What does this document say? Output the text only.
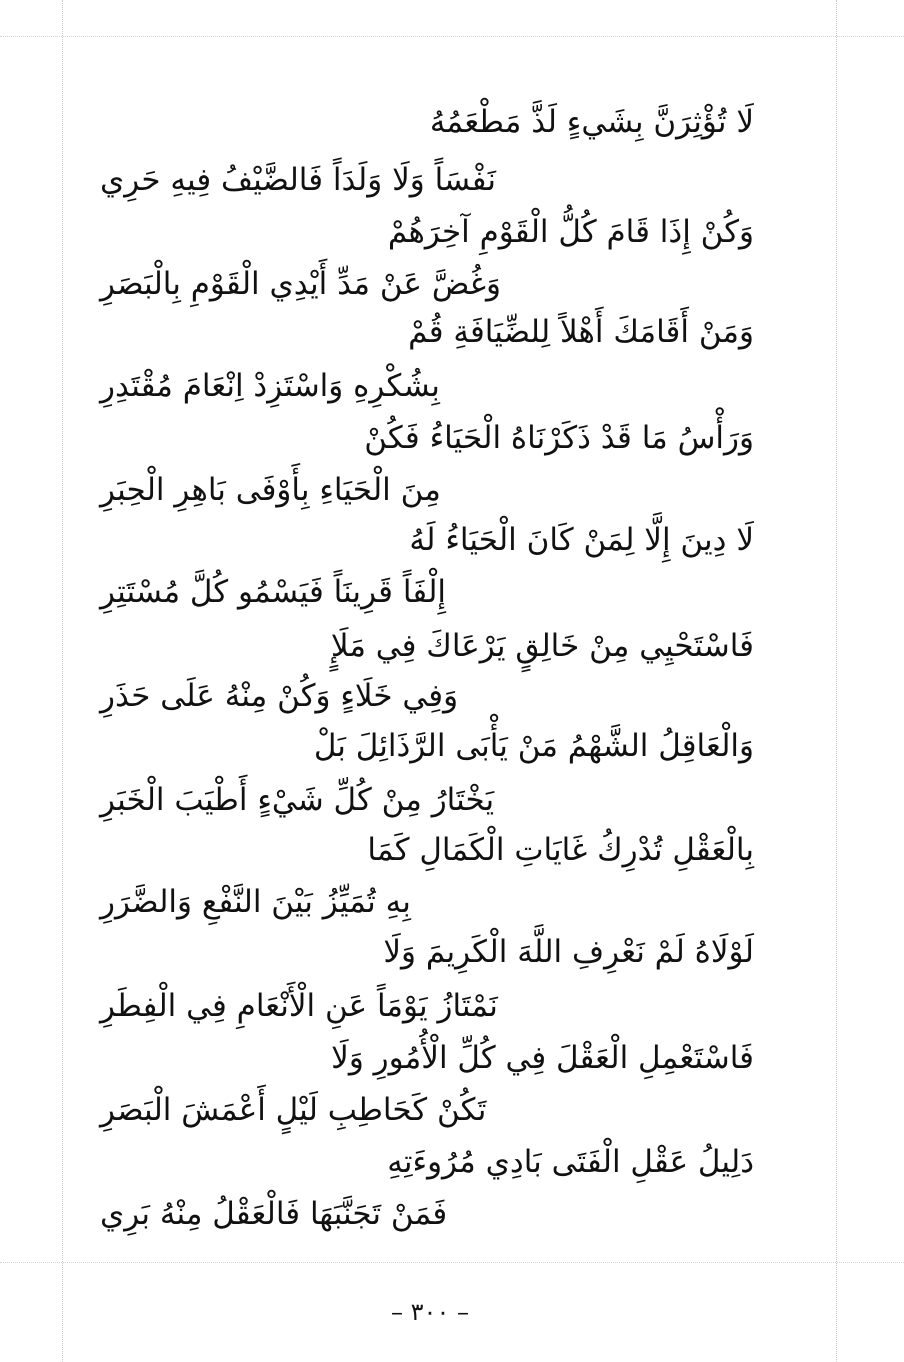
لَا تُؤْثِرَنَّ بِشَيءٍ لَذَّ مَطْعَمُهُ
نَفْسَاً وَلَا وَلَدَاً فَالضَّيْفُ فِيهِ حَرِي
وَكُنْ إِذَا قَامَ كُلُّ الْقَوْمِ آخِرَهُمْ
وَغُضَّ عَنْ مَدِّ أَيْدِي الْقَوْمِ بِالْبَصَرِ
وَمَنْ أَقَامَكَ أَهْلاً لِلضِّيَافَةِ قُمْ
بِشُكْرِهِ وَاسْتَزِدْ اِنْعَامَ مُقْتَدِرِ
وَرَأْسُ مَا قَدْ ذَكَرْنَاهُ الْحَيَاءُ فَكُنْ
مِنَ الْحَيَاءِ بِأَوْفَى بَاهِرِ الْحِبَرِ
لَا دِينَ إِلَّا لِمَنْ كَانَ الْحَيَاءُ لَهُ
إِلْفَاً قَرِينَاً فَيَسْمُو كُلَّ مُسْتَتِرِ
فَاسْتَحْيِي مِنْ خَالِقٍ يَرْعَاكَ فِي مَلَإٍ
وَفِي خَلَاءٍ وَكُنْ مِنْهُ عَلَى حَذَرِ
وَالْعَاقِلُ الشَّهْمُ مَنْ يَأْبَى الرَّذَائِلَ بَلْ
يَخْتَارُ مِنْ كُلِّ شَيْءٍ أَطْيَبَ الْخَبَرِ
بِالْعَقْلِ تُدْرِكُ غَايَاتِ الْكَمَالِ كَمَا
بِهِ تُمَيِّزُ بَيْنَ النَّفْعِ وَالضَّرَرِ
لَوْلَاهُ لَمْ نَعْرِفِ اللَّهَ الْكَرِيمَ وَلَا
نَمْتَازُ يَوْمَاً عَنِ الْأَنْعَامِ فِي الْفِطَرِ
فَاسْتَعْمِلِ الْعَقْلَ فِي كُلِّ الْأُمُورِ وَلَا
تَكُنْ كَحَاطِبِ لَيْلٍ أَعْمَشَ الْبَصَرِ
دَلِيلُ عَقْلِ الْفَتَى بَادِي مُرُوءَتِهِ
فَمَنْ تَجَنَّبَهَا فَالْعَقْلُ مِنْهُ بَرِي
– ٣٠٠ –
